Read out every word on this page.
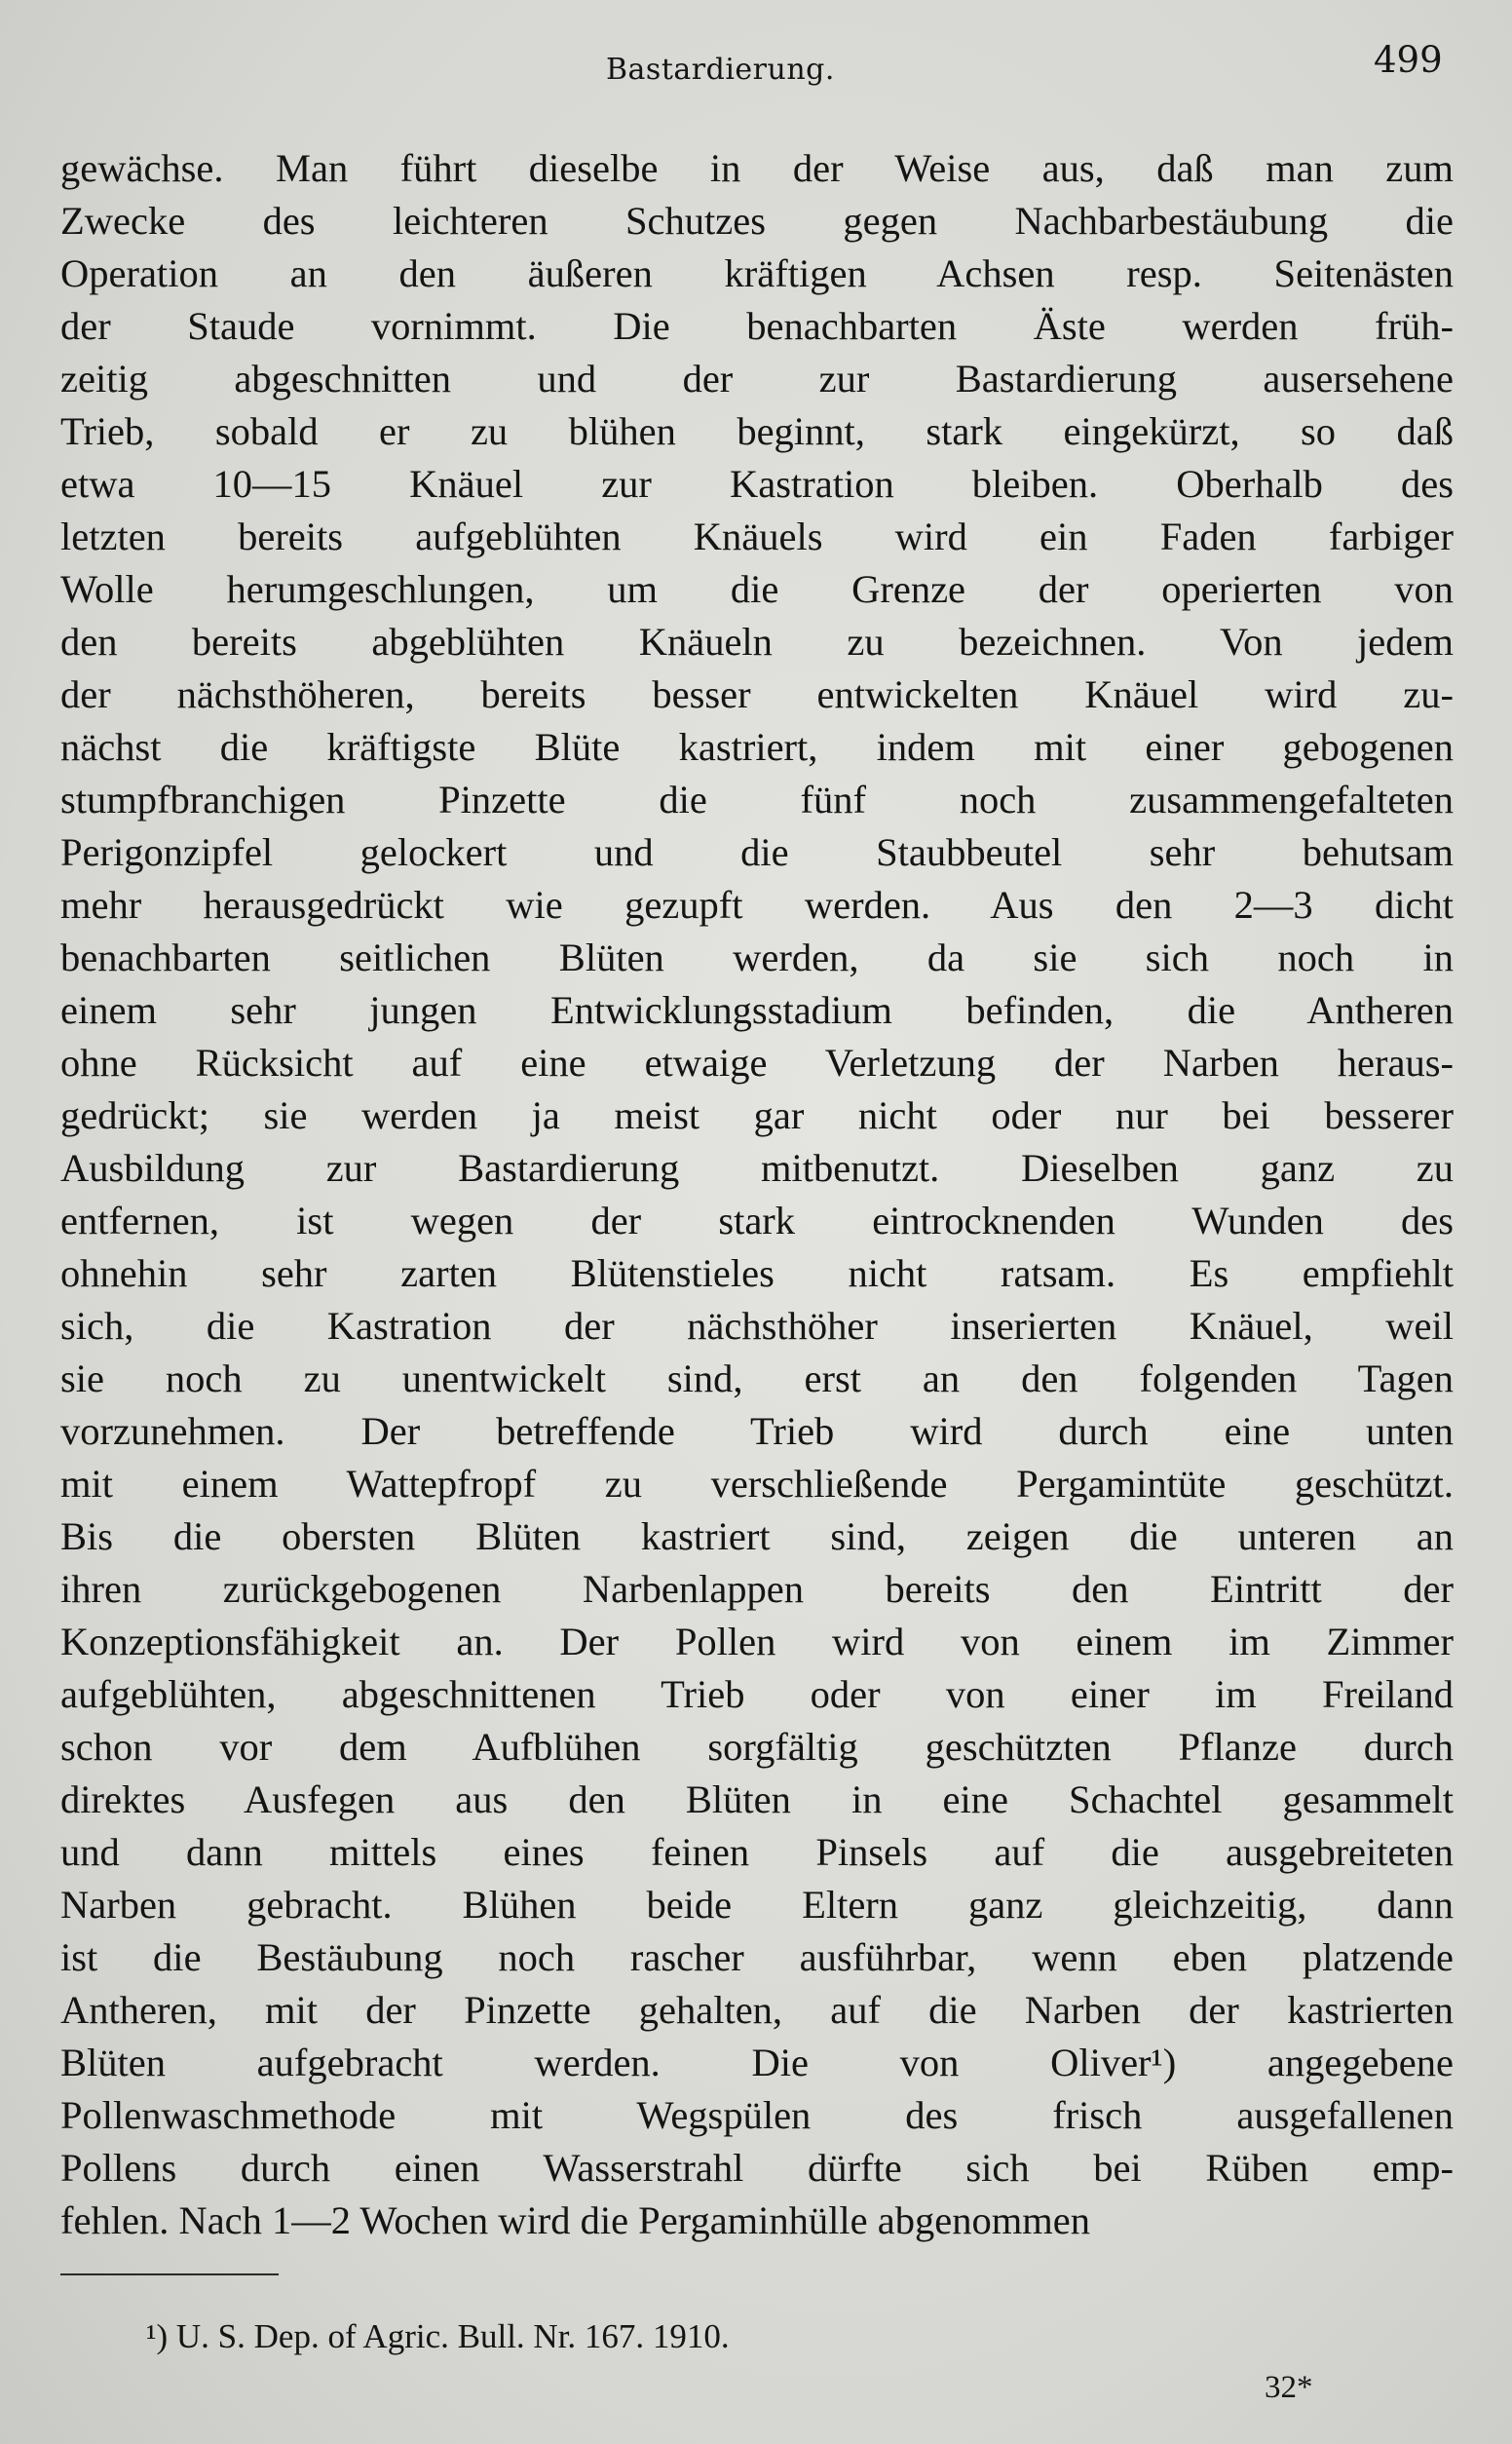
Bastardierung.	499
gewächse. Man führt dieselbe in der Weise aus, daß man zum
Zwecke des leichteren Schutzes gegen Nachbarbestäubung die
Operation an den äußeren kräftigen Achsen resp. Seitenästen
der Staude vornimmt. Die benachbarten Äste werden früh-
zeitig abgeschnitten und der zur Bastardierung ausersehene
Trieb, sobald er zu blühen beginnt, stark eingekürzt, so daß
etwa 10—15 Knäuel zur Kastration bleiben. Oberhalb des
letzten bereits aufgeblühten Knäuels wird ein Faden farbiger
Wolle herumgeschlungen, um die Grenze der operierten von
den bereits abgeblühten Knäueln zu bezeichnen. Von jedem
der nächsthöheren, bereits besser entwickelten Knäuel wird zu-
nächst die kräftigste Blüte kastriert, indem mit einer gebogenen
stumpfbranchigen Pinzette die fünf noch zusammengefalteten
Perigonzipfel gelockert und die Staubbeutel sehr behutsam
mehr herausgedrückt wie gezupft werden. Aus den 2—3 dicht
benachbarten seitlichen Blüten werden, da sie sich noch in
einem sehr jungen Entwicklungsstadium befinden, die Antheren
ohne Rücksicht auf eine etwaige Verletzung der Narben heraus-
gedrückt; sie werden ja meist gar nicht oder nur bei besserer
Ausbildung zur Bastardierung mitbenutzt. Dieselben ganz zu
entfernen, ist wegen der stark eintrocknenden Wunden des
ohnehin sehr zarten Blütenstieles nicht ratsam. Es empfiehlt
sich, die Kastration der nächsthöher inserierten Knäuel, weil
sie noch zu unentwickelt sind, erst an den folgenden Tagen
vorzunehmen. Der betreffende Trieb wird durch eine unten
mit einem Wattepfropf zu verschließende Pergamintüte geschützt.
Bis die obersten Blüten kastriert sind, zeigen die unteren an
ihren zurückgebogenen Narbenlappen bereits den Eintritt der
Konzeptionsfähigkeit an. Der Pollen wird von einem im Zimmer
aufgeblühten, abgeschnittenen Trieb oder von einer im Freiland
schon vor dem Aufblühen sorgfältig geschützten Pflanze durch
direktes Ausfegen aus den Blüten in eine Schachtel gesammelt
und dann mittels eines feinen Pinsels auf die ausgebreiteten
Narben gebracht. Blühen beide Eltern ganz gleichzeitig, dann
ist die Bestäubung noch rascher ausführbar, wenn eben platzende
Antheren, mit der Pinzette gehalten, auf die Narben der kastrierten
Blüten aufgebracht werden. Die von Oliver¹) angegebene
Pollenwaschmethode mit Wegspülen des frisch ausgefallenen
Pollens durch einen Wasserstrahl dürfte sich bei Rüben emp-
fehlen. Nach 1—2 Wochen wird die Pergaminhülle abgenommen
¹) U. S. Dep. of Agric. Bull. Nr. 167. 1910.
32*
